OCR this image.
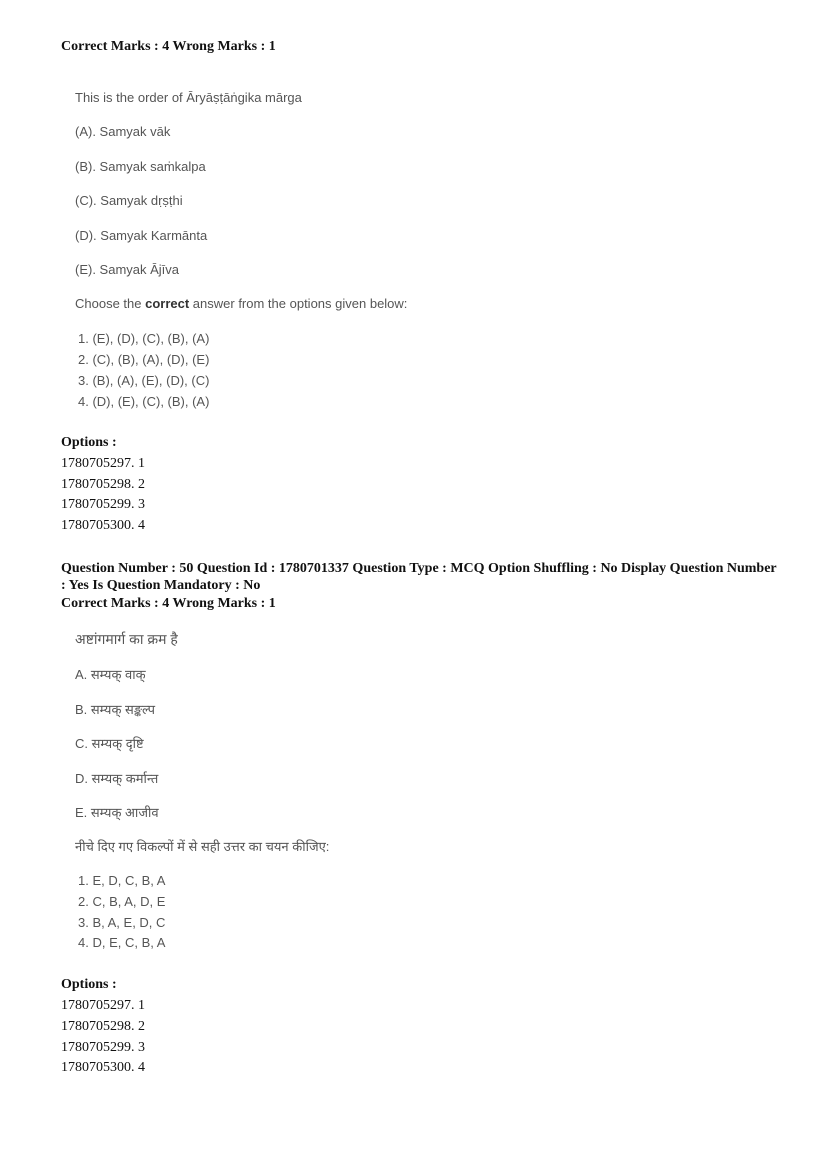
Correct Marks : 4 Wrong Marks : 1
This is the order of Āryāṣṭāṅgika mārga
(A). Samyak vāk
(B). Samyak saṁkalpa
(C). Samyak dṛṣṭhi
(D). Samyak Karmānta
(E). Samyak Ājīva
Choose the correct answer from the options given below:
1. (E), (D), (C), (B), (A)
2. (C), (B), (A), (D), (E)
3. (B), (A), (E), (D), (C)
4. (D), (E), (C), (B), (A)
Options :
1780705297. 1
1780705298. 2
1780705299. 3
1780705300. 4
Question Number : 50 Question Id : 1780701337 Question Type : MCQ Option Shuffling : No Display Question Number
: Yes Is Question Mandatory : No
Correct Marks : 4 Wrong Marks : 1
अष्टांगमार्ग का क्रम है
A. सम्यक् वाक्
B. सम्यक् सङ्कल्प
C. सम्यक् दृष्टि
D. सम्यक् कर्मान्त
E. सम्यक् आजीव
नीचे दिए गए विकल्पों में से सही उत्तर का चयन कीजिए:
1. E, D, C, B, A
2. C, B, A, D, E
3. B, A, E, D, C
4. D, E, C, B, A
Options :
1780705297. 1
1780705298. 2
1780705299. 3
1780705300. 4
